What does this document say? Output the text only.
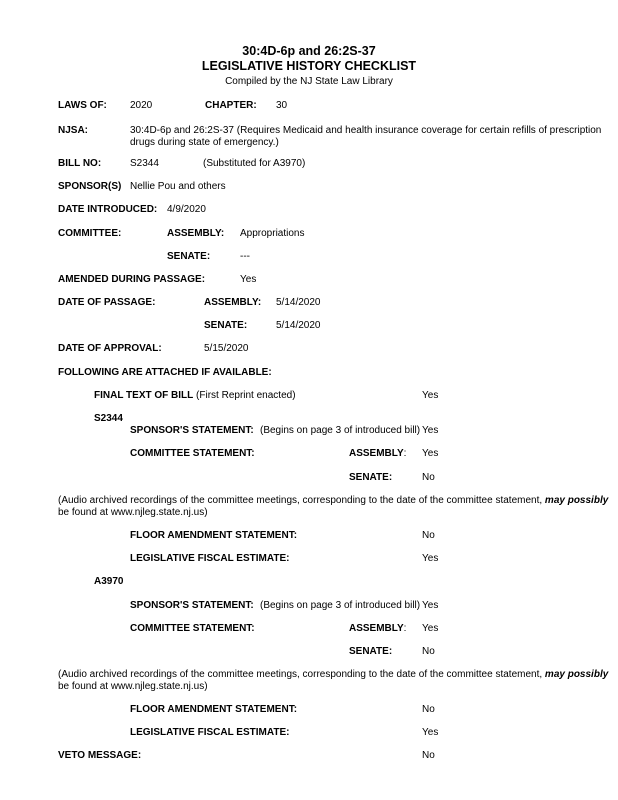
30:4D-6p and 26:2S-37
LEGISLATIVE HISTORY CHECKLIST
Compiled by the NJ State Law Library
LAWS OF: 2020	CHAPTER: 30
NJSA:	30:4D-6p and 26:2S-37 (Requires Medicaid and health insurance coverage for certain refills of prescription
drugs during state of emergency.)
BILL NO:	S2344	(Substituted for A3970)
SPONSOR(S) Nellie Pou and others
DATE INTRODUCED: 4/9/2020
COMMITTEE:	ASSEMBLY: Appropriations
SENATE:	---
AMENDED DURING PASSAGE:	Yes
DATE OF PASSAGE:	ASSEMBLY: 5/14/2020
SENATE:	5/14/2020
DATE OF APPROVAL:	5/15/2020
FOLLOWING ARE ATTACHED IF AVAILABLE:
FINAL TEXT OF BILL (First Reprint enacted)	Yes
S2344
SPONSOR'S STATEMENT: (Begins on page 3 of introduced bill) Yes
COMMITTEE STATEMENT:	ASSEMBLY: Yes
SENATE:	No
(Audio archived recordings of the committee meetings, corresponding to the date of the committee statement, may possibly
be found at www.njleg.state.nj.us)
FLOOR AMENDMENT STATEMENT:	No
LEGISLATIVE FISCAL ESTIMATE:	Yes
A3970
SPONSOR'S STATEMENT: (Begins on page 3 of introduced bill) Yes
COMMITTEE STATEMENT:	ASSEMBLY: Yes
SENATE:	No
(Audio archived recordings of the committee meetings, corresponding to the date of the committee statement, may possibly
be found at www.njleg.state.nj.us)
FLOOR AMENDMENT STATEMENT:	No
LEGISLATIVE FISCAL ESTIMATE:	Yes
VETO MESSAGE:	No
